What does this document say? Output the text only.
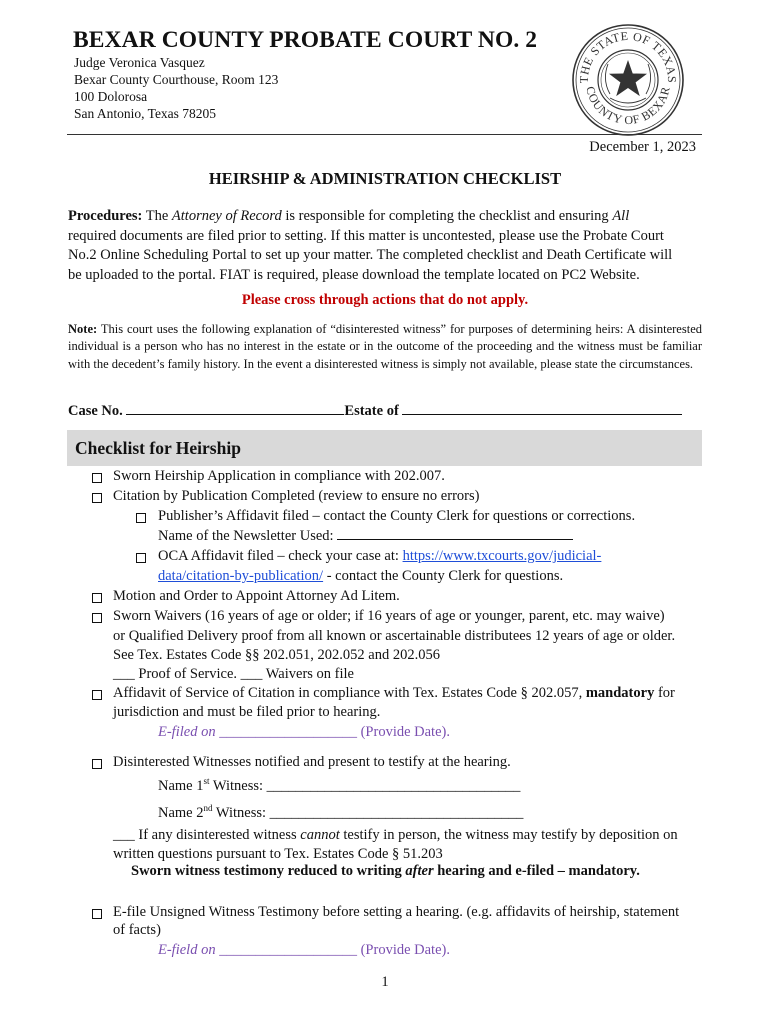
BEXAR COUNTY PROBATE COURT NO. 2
Judge Veronica Vasquez
Bexar County Courthouse, Room 123
100 Dolorosa
San Antonio, Texas 78205
THE STATE OF TEXAS
COUNTY OF BEXAR
December 1, 2023
HEIRSHIP & ADMINISTRATION CHECKLIST
Procedures: The Attorney of Record is responsible for completing the checklist and ensuring All
required documents are filed prior to setting. If this matter is uncontested, please use the Probate Court
No.2 Online Scheduling Portal to set up your matter. The completed checklist and Death Certificate will
be uploaded to the portal. FIAT is required, please download the template located on PC2 Website.
Please cross through actions that do not apply.
Note: This court uses the following explanation of “disinterested witness” for purposes of determining heirs: A disinterested individual is a person who has no interest in the estate or in the outcome of the proceeding and the witness must be familiar with the decedent’s family history. In the event a disinterested witness is simply not available, please state the circumstances.
Case No.	Estate of
Checklist for Heirship
Sworn Heirship Application in compliance with 202.007.
Citation by Publication Completed (review to ensure no errors)
Publisher’s Affidavit filed – contact the County Clerk for questions or corrections.
Name of the Newsletter Used:
OCA Affidavit filed – check your case at: https://www.txcourts.gov/judicial-
data/citation-by-publication/ - contact the County Clerk for questions.
Motion and Order to Appoint Attorney Ad Litem.
Sworn Waivers (16 years of age or older; if 16 years of age or younger, parent, etc. may waive)
or Qualified Delivery proof from all known or ascertainable distributees 12 years of age or older.
See Tex. Estates Code §§ 202.051, 202.052 and 202.056
___ Proof of Service. ___ Waivers on file
Affidavit of Service of Citation in compliance with Tex. Estates Code § 202.057, mandatory for
jurisdiction and must be filed prior to hearing.
E-filed on ___________________ (Provide Date).
Disinterested Witnesses notified and present to testify at the hearing.
Name 1st Witness: ___________________________________
Name 2nd Witness: ___________________________________
___ If any disinterested witness cannot testify in person, the witness may testify by deposition on
written questions pursuant to Tex. Estates Code § 51.203
Sworn witness testimony reduced to writing after hearing and e-filed – mandatory.
E-file Unsigned Witness Testimony before setting a hearing. (e.g. affidavits of heirship, statement
of facts)
E-field on ___________________ (Provide Date).
1
